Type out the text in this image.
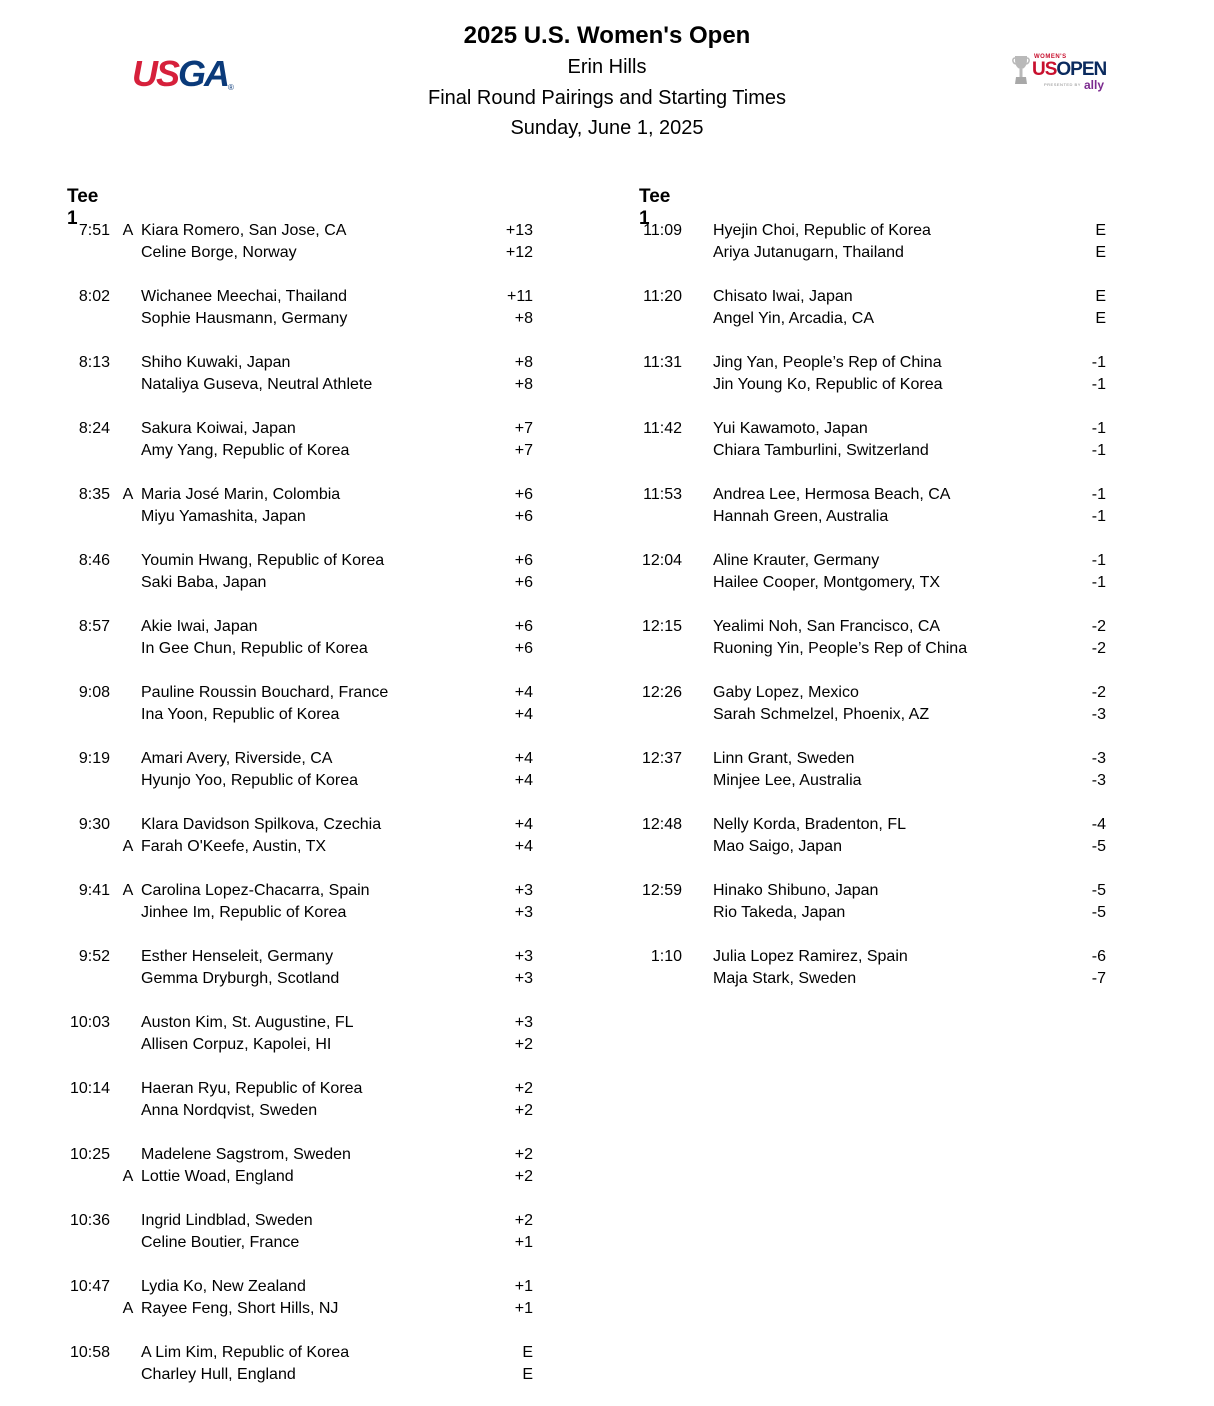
2025 U.S. Women's Open
Erin Hills
Final Round Pairings and Starting Times
Sunday, June 1, 2025
USGA®
WOMEN'S
USOPEN
PRESENTED BY ally
Tee 1
7:51 A Kiara Romero, San Jose, CA	+13
Celine Borge, Norway	+12
8:02 Wichanee Meechai, Thailand	+11
Sophie Hausmann, Germany	+8
8:13 Shiho Kuwaki, Japan	+8
Nataliya Guseva, Neutral Athlete	+8
8:24 Sakura Koiwai, Japan	+7
Amy Yang, Republic of Korea	+7
8:35 A Maria José Marin, Colombia	+6
Miyu Yamashita, Japan	+6
8:46 Youmin Hwang, Republic of Korea	+6
Saki Baba, Japan	+6
8:57 Akie Iwai, Japan	+6
In Gee Chun, Republic of Korea	+6
9:08 Pauline Roussin Bouchard, France	+4
Ina Yoon, Republic of Korea	+4
9:19 Amari Avery, Riverside, CA	+4
Hyunjo Yoo, Republic of Korea	+4
9:30 Klara Davidson Spilkova, Czechia	+4
A Farah O'Keefe, Austin, TX	+4
9:41 A Carolina Lopez-Chacarra, Spain	+3
Jinhee Im, Republic of Korea	+3
9:52 Esther Henseleit, Germany	+3
Gemma Dryburgh, Scotland	+3
10:03 Auston Kim, St. Augustine, FL	+3
Allisen Corpuz, Kapolei, HI	+2
10:14 Haeran Ryu, Republic of Korea	+2
Anna Nordqvist, Sweden	+2
10:25 Madelene Sagstrom, Sweden	+2
A Lottie Woad, England	+2
10:36 Ingrid Lindblad, Sweden	+2
Celine Boutier, France	+1
10:47 Lydia Ko, New Zealand	+1
A Rayee Feng, Short Hills, NJ	+1
10:58 A Lim Kim, Republic of Korea	E
Charley Hull, England	E
Tee 1
11:09 Hyejin Choi, Republic of Korea	E
Ariya Jutanugarn, Thailand	E
11:20 Chisato Iwai, Japan	E
Angel Yin, Arcadia, CA	E
11:31 Jing Yan, People’s Rep of China	-1
Jin Young Ko, Republic of Korea	-1
11:42 Yui Kawamoto, Japan	-1
Chiara Tamburlini, Switzerland	-1
11:53 Andrea Lee, Hermosa Beach, CA	-1
Hannah Green, Australia	-1
12:04 Aline Krauter, Germany	-1
Hailee Cooper, Montgomery, TX	-1
12:15 Yealimi Noh, San Francisco, CA	-2
Ruoning Yin, People’s Rep of China	-2
12:26 Gaby Lopez, Mexico	-2
Sarah Schmelzel, Phoenix, AZ	-3
12:37 Linn Grant, Sweden	-3
Minjee Lee, Australia	-3
12:48 Nelly Korda, Bradenton, FL	-4
Mao Saigo, Japan	-5
12:59 Hinako Shibuno, Japan	-5
Rio Takeda, Japan	-5
1:10 Julia Lopez Ramirez, Spain	-6
Maja Stark, Sweden	-7
